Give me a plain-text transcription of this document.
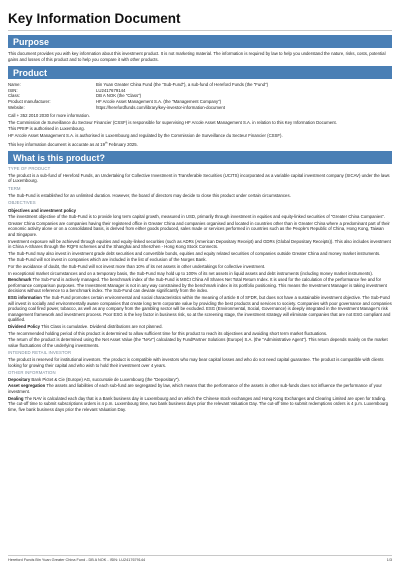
Key Information Document
Purpose

This document provides you with key information about this investment product. It is not marketing material. The information is required by law to help you understand the nature, risks, costs, potential gains and losses of this product and to help you compare it with other products.

Product
Name:	Bin Yuan Greater China Fund (the "Sub-Fund"), a sub-fund of Hereford Funds (the "Fund")
ISIN:	LU2417679144
Class:	DB A NOK (the "Class")
Product manufacturer:	HF Arcole Asset Management S.A. (the "Management Company")
Website:	https://herefordfunds.com/library/key-investor-information-document

Call + 352 2010 2030 for more information.

The Commission de Surveillance du Secteur Financier (CSSF) is responsible for supervising HF Arcole Asset Management S.A. in relation to this Key Information Document.

This PRIIP is authorised in Luxembourg.

HF Arcole Asset Management S.A. is authorised in Luxembourg and regulated by the Commission de Surveillance du Secteur Financier (CSSF).

This key information document is accurate as at 19th February 2025.

What is this product?
TYPE OF PRODUCT

The product is a sub-fund of Hereford Funds, an Undertaking for Collective Investment in Transferable Securities (UCITS) incorporated as a variable capital investment company (SICAV) under the laws of Luxembourg.

TERM

The Sub-Fund is established for an unlimited duration. However, the board of directors may decide to close this product under certain circumstances.

OBJECTIVES
Objectives and investment policy

The investment objective of the Sub-Fund is to provide long term capital growth, measured in USD, primarily through investment in equities and equity-linked securities of "Greater China Companies".

Greater China Companies are companies having their registered office in Greater China and companies organised and located in countries other than in Greater China where a predominant part of their economic activity alone or on a consolidated basis, is derived from either goods produced, sales made or services performed in countries such as the People's Republic of China, Hong Kong, Taiwan and Singapore.

Investment exposure will be achieved through equities and equity-linked securities (such as ADRs (American Depositary Receipt) and GDRs (Global Depositary Receipts)). This also includes investment in China A-Shares through the RQFII schemes and the Shanghai and Shenzhen - Hong Kong Stock Connects.

The Sub-Fund may also invest in investment grade debt securities and convertible bonds, equities and equity related securities of companies outside Greater China and money market instruments.

The Sub-Fund will not invest in companies which are included in the list of exclusion of the Norges Bank.

For the avoidance of doubt, the Sub-Fund will not invest more than 10% of its net assets in other undertakings for collective investment.

In exceptional market circumstances and on a temporary basis, the Sub-Fund may hold up to 100% of its net assets in liquid assets and debt instruments (including money market instruments).

Benchmark The Sub-Fund is actively managed. The benchmark index of the Sub-Fund is MSCI China All Shares Net Total Return Index. It is used for the calculation of the performance fee and for performance comparison purposes. The Investment Manager is not in any way constrained by the benchmark index in its portfolio positioning. This means the Investment Manager is taking investment decisions without reference to a benchmark index. The Sub-Fund can deviate significantly from the index.

ESG information The Sub-Fund promotes certain environmental and social characteristics within the meaning of article 8 of SFDR, but does not have a sustainable investment objective. The Sub-Fund will invest in socially and environmentally aware companies that create long term corporate value by providing the best products and services to society. Companies with poor governance and companies producing coal fired power, tobacco, as well as any company from the gambling sector will be excluded. ESG (Environmental, Social, Governance) is deeply integrated in the Investment Manager's risk management framework and investment process. Poor ESG is the key factor in business risk, so at the screening stage, the investment strategy will eliminate companies that are not ESG compliant and qualified.

Dividend Policy This Class is cumulative. Dividend distributions are not planned.

The recommended holding period of this product is determined to allow sufficient time for this product to reach its objectives and avoiding short term market fluctuations.

The return of the product is determined using the Net Asset Value (the "NAV") calculated by FundPartner Solutions (Europe) S.A. (the "Administrative Agent"). This return depends mainly on the market value fluctuations of the underlying investments.

INTENDED RETAIL INVESTOR

The product is reserved for institutional investors. The product is compatible with investors who may bear capital losses and who do not need capital guarantee. The product is compatible with clients looking for growing their capital and who wish to hold their investment over 4 years.

OTHER INFORMATION

Depositary Bank Pictet & Cie (Europe) AG, succursale de Luxembourg (the "Depositary").

Asset segregation The assets and liabilities of each sub-fund are segregated by law, which means that the performance of the assets in other sub-funds does not influence the performance of your investment.

Dealing The NAV is calculated each day that is a Bank business day in Luxembourg and on which the Chinese stock exchanges and Hong Kong Exchanges and Clearing Limited are open for trading. The cut-off time to submit subscriptions orders is 4 p.m. Luxembourg time, two bank business days prior the relevant Valuation Day. The cut-off time to submit redemptions orders is 4 p.m. Luxembourg time, five bank business days prior the relevant Valuation Day.

Hereford Funds Bin Yuan Greater China Fund - DB A NOK - ISIN: LU2417679144	1/3
